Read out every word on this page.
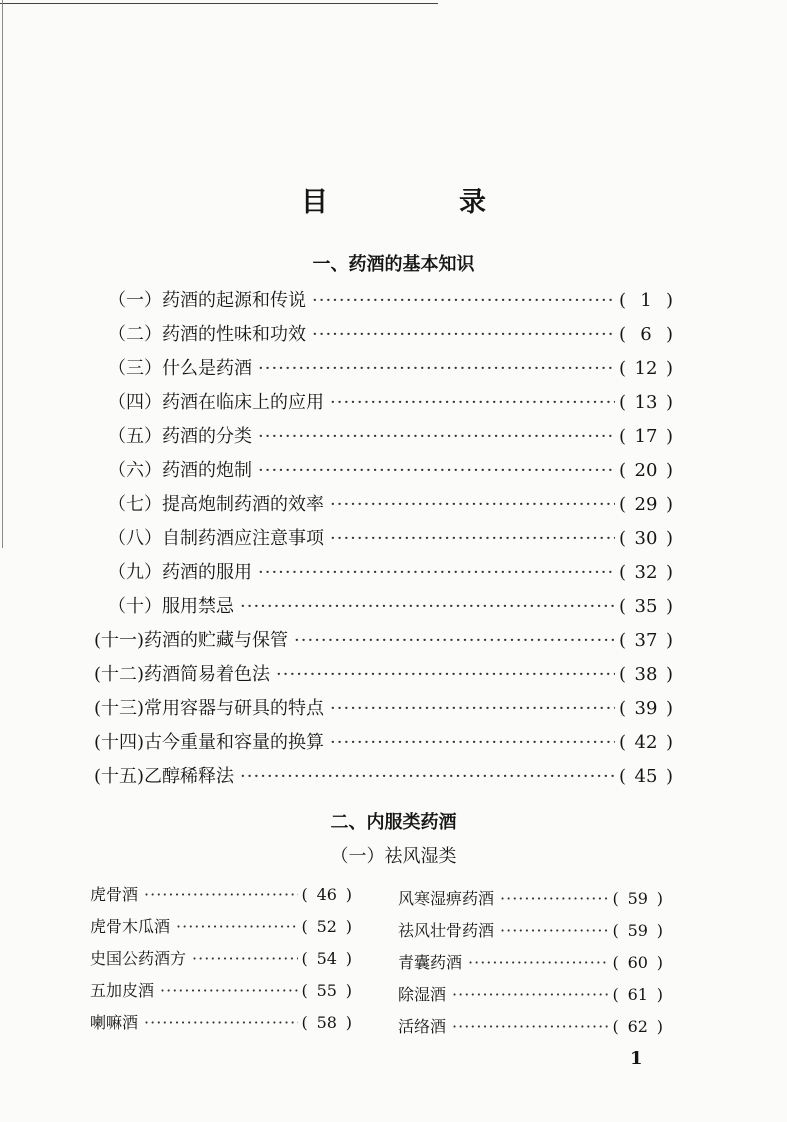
目　录
一、药酒的基本知识
（一）药酒的起源和传说 ·····	( 1 )
（二）药酒的性味和功效 ·····	( 6 )
（三）什么是药酒 ·····	( 12 )
（四）药酒在临床上的应用 ·····	( 13 )
（五）药酒的分类 ·····	( 17 )
（六）药酒的炮制 ·····	( 20 )
（七）提高炮制药酒的效率 ·····	( 29 )
（八）自制药酒应注意事项 ·····	( 30 )
（九）药酒的服用 ·····	( 32 )
（十）服用禁忌 ·····	( 35 )
(十一)药酒的贮藏与保管 ·····	( 37 )
(十二)药酒简易着色法 ·····	( 38 )
(十三)常用容器与研具的特点 ·····	( 39 )
(十四)古今重量和容量的换算 ·····	( 42 )
(十五)乙醇稀释法 ·····	( 45 )
二、内服类药酒
（一）祛风湿类
虎骨酒 ·····	( 46 )
虎骨木瓜酒 ·····	( 52 )
史国公药酒方 ·····	( 54 )
五加皮酒 ·····	( 55 )
喇嘛酒 ·····	( 58 )
风寒湿痹药酒 ·····	( 59 )
祛风壮骨药酒 ·····	( 59 )
青囊药酒 ·····	( 60 )
除湿酒 ·····	( 61 )
活络酒 ·····	( 62 )
1
